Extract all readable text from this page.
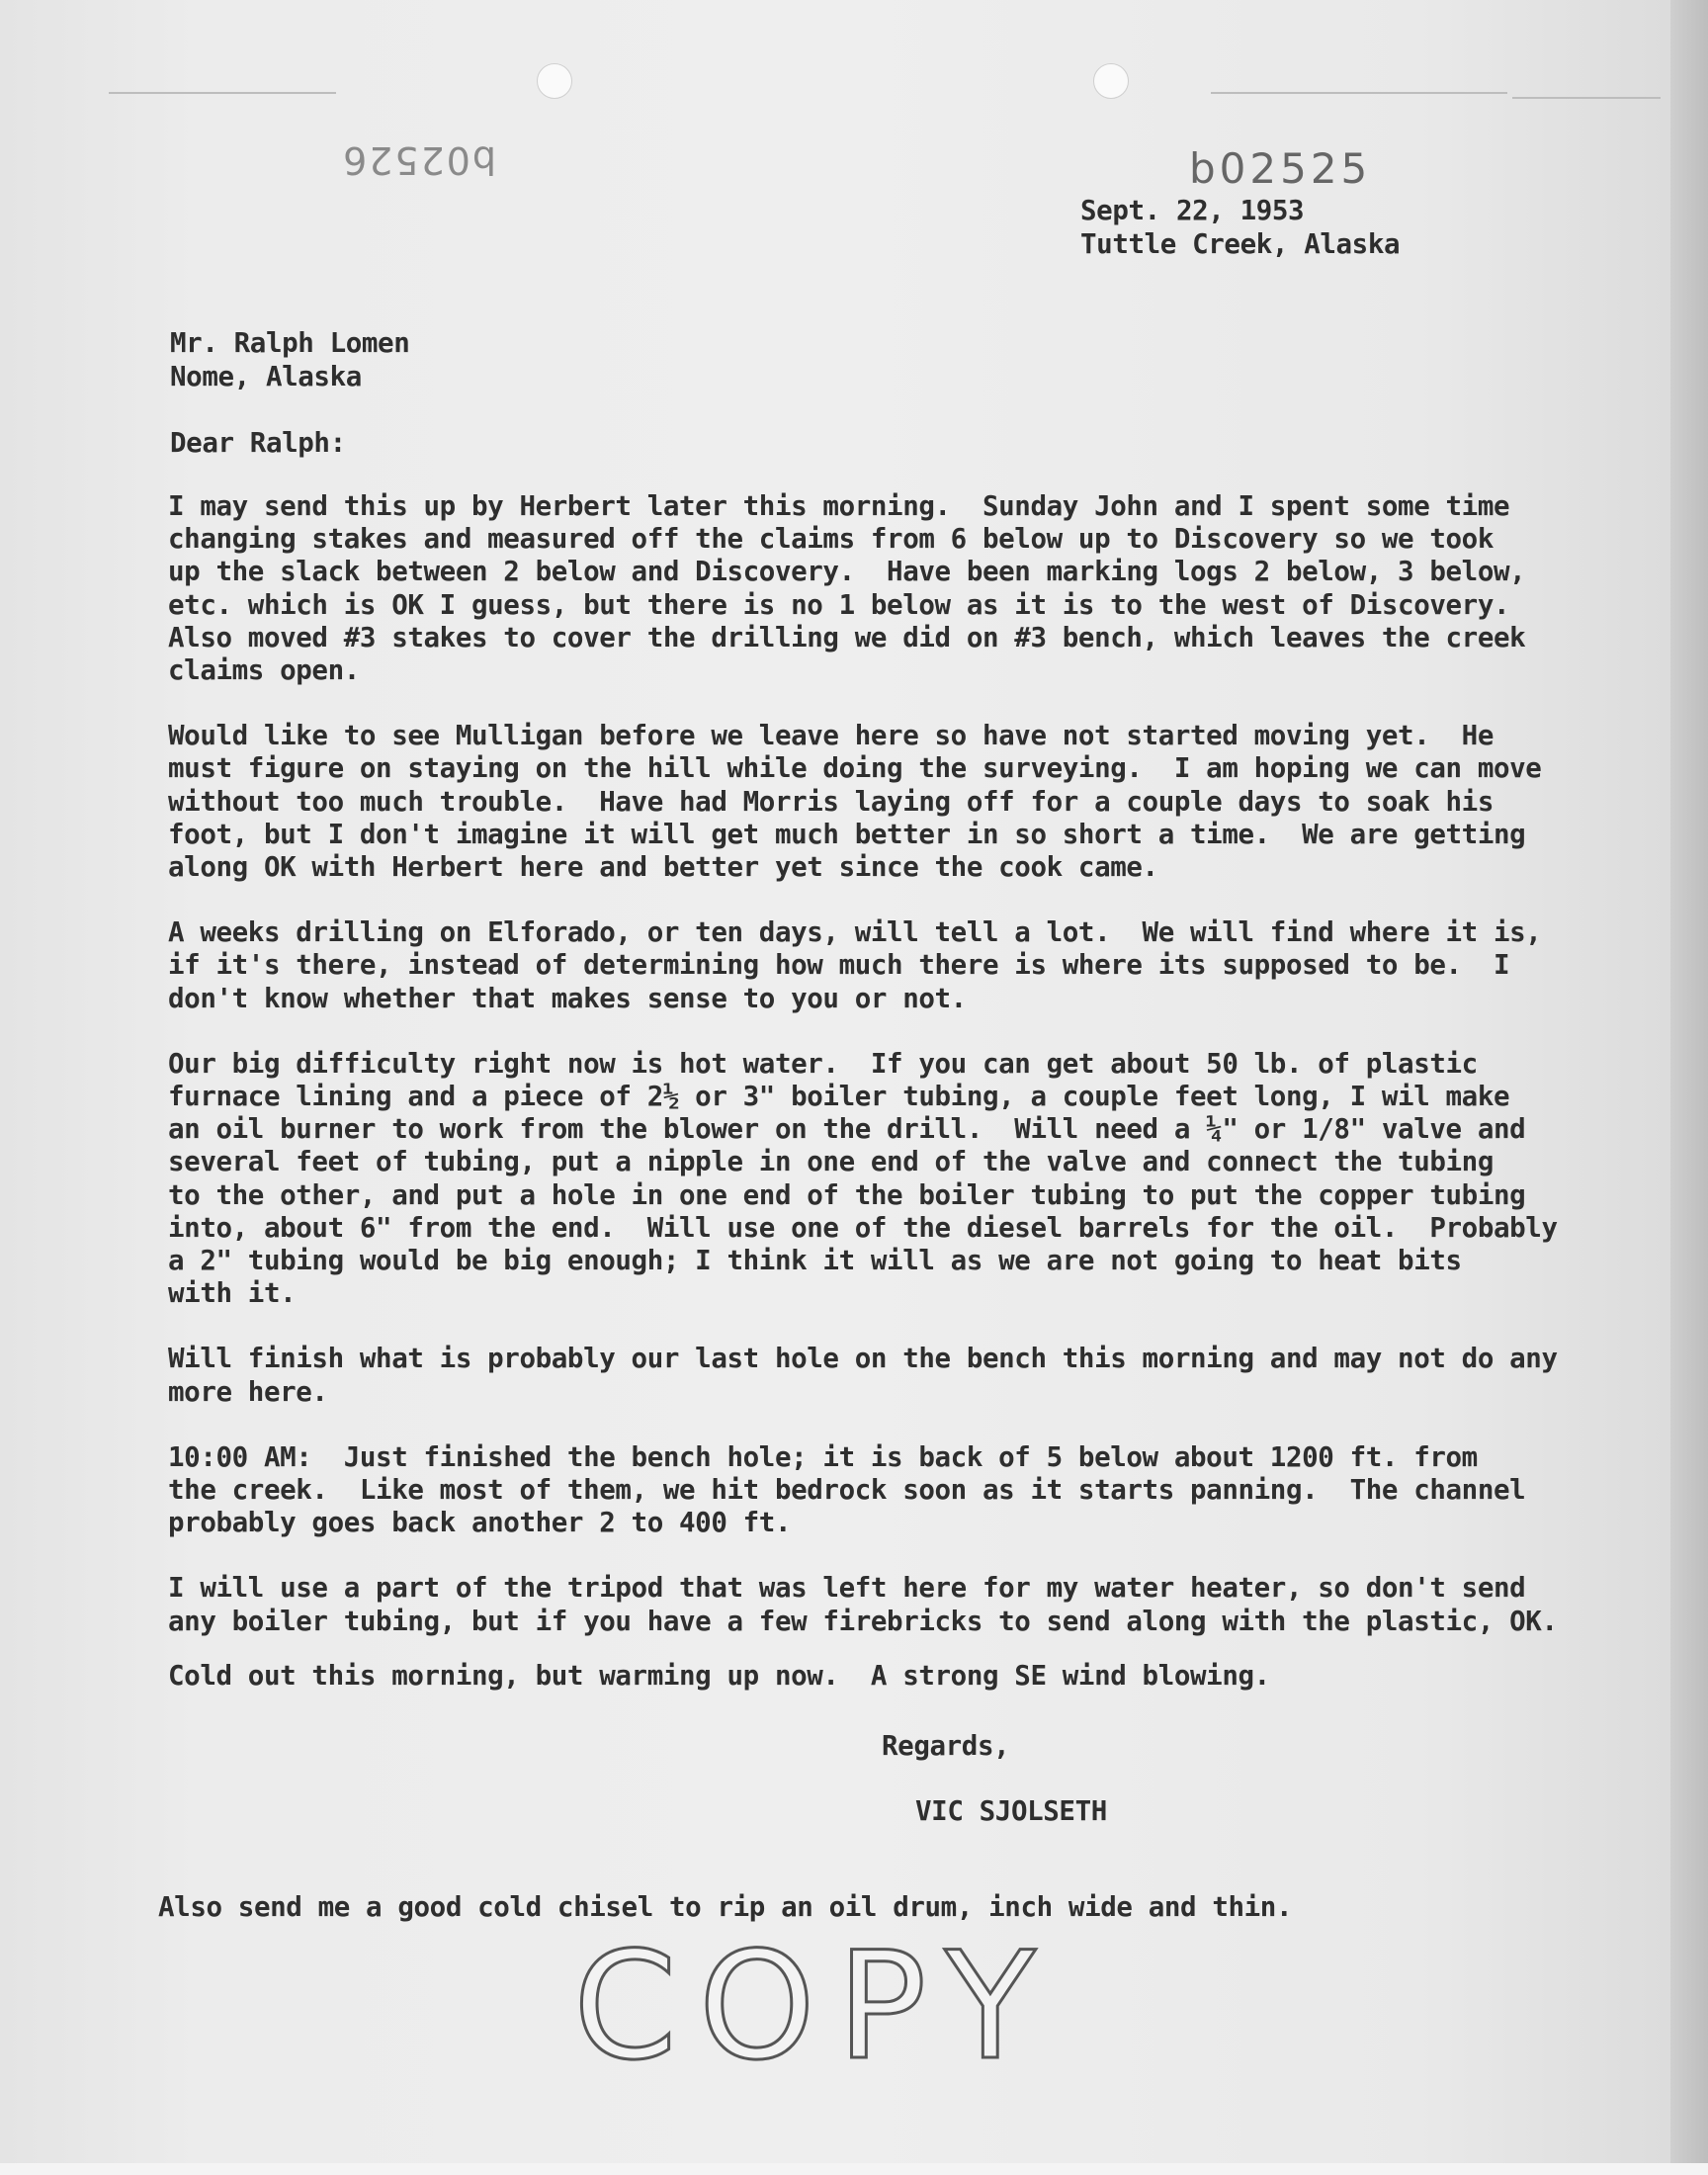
b02526	b02525
Sept. 22, 1953
Tuttle Creek, Alaska
Mr. Ralph Lomen
Nome, Alaska
Dear Ralph:

I may send this up by Herbert later this morning.  Sunday John and I spent some time
changing stakes and measured off the claims from 6 below up to Discovery so we took
up the slack between 2 below and Discovery.  Have been marking logs 2 below, 3 below,
etc. which is OK I guess, but there is no 1 below as it is to the west of Discovery.
Also moved #3 stakes to cover the drilling we did on #3 bench, which leaves the creek
claims open.

Would like to see Mulligan before we leave here so have not started moving yet.  He
must figure on staying on the hill while doing the surveying.  I am hoping we can move
without too much trouble.  Have had Morris laying off for a couple days to soak his
foot, but I don't imagine it will get much better in so short a time.  We are getting
along OK with Herbert here and better yet since the cook came.

A weeks drilling on Elforado, or ten days, will tell a lot.  We will find where it is,
if it's there, instead of determining how much there is where its supposed to be.  I
don't know whether that makes sense to you or not.

Our big difficulty right now is hot water.  If you can get about 50 lb. of plastic
furnace lining and a piece of 2½ or 3" boiler tubing, a couple feet long, I wil make
an oil burner to work from the blower on the drill.  Will need a ¼" or 1/8" valve and
several feet of tubing, put a nipple in one end of the valve and connect the tubing
to the other, and put a hole in one end of the boiler tubing to put the copper tubing
into, about 6" from the end.  Will use one of the diesel barrels for the oil.  Probably
a 2" tubing would be big enough; I think it will as we are not going to heat bits
with it.

Will finish what is probably our last hole on the bench this morning and may not do any
more here.

10:00 AM:  Just finished the bench hole; it is back of 5 below about 1200 ft. from
the creek.  Like most of them, we hit bedrock soon as it starts panning.  The channel
probably goes back another 2 to 400 ft.

I will use a part of the tripod that was left here for my water heater, so don't send
any boiler tubing, but if you have a few firebricks to send along with the plastic, OK.

Cold out this morning, but warming up now.  A strong SE wind blowing.

Regards,
VIC SJOLSETH
Also send me a good cold chisel to rip an oil drum, inch wide and thin.
COPY
